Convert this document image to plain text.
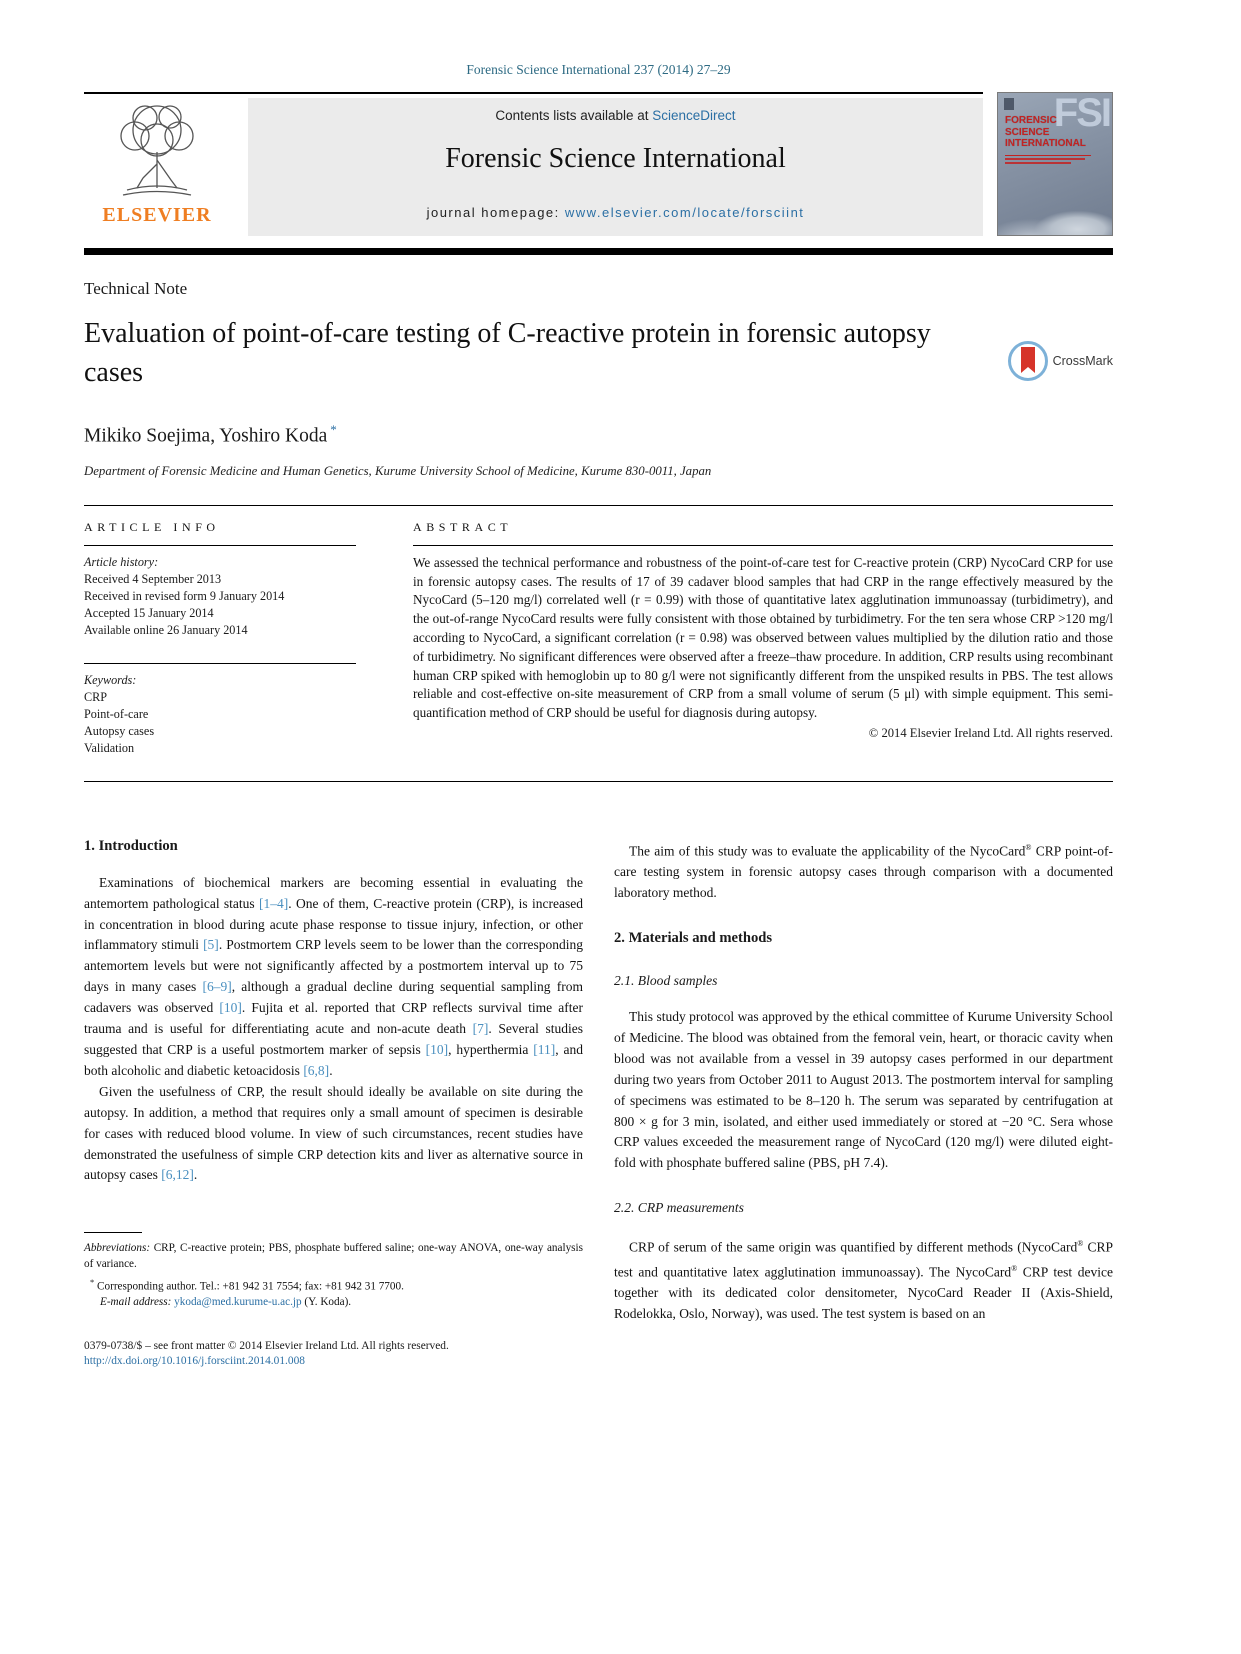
Forensic Science International 237 (2014) 27–29
ELSEVIER
Contents lists available at ScienceDirect
Forensic Science International
journal homepage: www.elsevier.com/locate/forsciint
FSI
FORENSIC
SCIENCE
INTERNATIONAL
Technical Note
Evaluation of point-of-care testing of C-reactive protein in forensic autopsy cases	CrossMark
Mikiko Soejima, Yoshiro Koda *
Department of Forensic Medicine and Human Genetics, Kurume University School of Medicine, Kurume 830-0011, Japan
ARTICLE INFO
Article history:
Received 4 September 2013
Received in revised form 9 January 2014
Accepted 15 January 2014
Available online 26 January 2014
Keywords:
CRP
Point-of-care
Autopsy cases
Validation
ABSTRACT
We assessed the technical performance and robustness of the point-of-care test for C-reactive protein (CRP) NycoCard CRP for use in forensic autopsy cases. The results of 17 of 39 cadaver blood samples that had CRP in the range effectively measured by the NycoCard (5–120 mg/l) correlated well (r = 0.99) with those of quantitative latex agglutination immunoassay (turbidimetry), and the out-of-range NycoCard results were fully consistent with those obtained by turbidimetry. For the ten sera whose CRP >120 mg/l according to NycoCard, a significant correlation (r = 0.98) was observed between values multiplied by the dilution ratio and those of turbidimetry. No significant differences were observed after a freeze–thaw procedure. In addition, CRP results using recombinant human CRP spiked with hemoglobin up to 80 g/l were not significantly different from the unspiked results in PBS. The test allows reliable and cost-effective on-site measurement of CRP from a small volume of serum (5 μl) with simple equipment. This semi-quantification method of CRP should be useful for diagnosis during autopsy.
© 2014 Elsevier Ireland Ltd. All rights reserved.
1. Introduction

Examinations of biochemical markers are becoming essential in evaluating the antemortem pathological status [1–4]. One of them, C-reactive protein (CRP), is increased in concentration in blood during acute phase response to tissue injury, infection, or other inflammatory stimuli [5]. Postmortem CRP levels seem to be lower than the corresponding antemortem levels but were not significantly affected by a postmortem interval up to 75 days in many cases [6–9], although a gradual decline during sequential sampling from cadavers was observed [10]. Fujita et al. reported that CRP reflects survival time after trauma and is useful for differentiating acute and non-acute death [7]. Several studies suggested that CRP is a useful postmortem marker of sepsis [10], hyperthermia [11], and both alcoholic and diabetic ketoacidosis [6,8].

Given the usefulness of CRP, the result should ideally be available on site during the autopsy. In addition, a method that requires only a small amount of specimen is desirable for cases with reduced blood volume. In view of such circumstances, recent studies have demonstrated the usefulness of simple CRP detection kits and liver as alternative source in autopsy cases [6,12].

Abbreviations: CRP, C-reactive protein; PBS, phosphate buffered saline; one-way ANOVA, one-way analysis of variance.
* Corresponding author. Tel.: +81 942 31 7554; fax: +81 942 31 7700.
E-mail address: ykoda@med.kurume-u.ac.jp (Y. Koda).
0379-0738/$ – see front matter © 2014 Elsevier Ireland Ltd. All rights reserved.
http://dx.doi.org/10.1016/j.forsciint.2014.01.008

The aim of this study was to evaluate the applicability of the NycoCard® CRP point-of-care testing system in forensic autopsy cases through comparison with a documented laboratory method.

2. Materials and methods
2.1. Blood samples

This study protocol was approved by the ethical committee of Kurume University School of Medicine. The blood was obtained from the femoral vein, heart, or thoracic cavity when blood was not available from a vessel in 39 autopsy cases performed in our department during two years from October 2011 to August 2013. The postmortem interval for sampling of specimens was estimated to be 8–120 h. The serum was separated by centrifugation at 800 × g for 3 min, isolated, and either used immediately or stored at −20 °C. Sera whose CRP values exceeded the measurement range of NycoCard (120 mg/l) were diluted eight-fold with phosphate buffered saline (PBS, pH 7.4).

2.2. CRP measurements

CRP of serum of the same origin was quantified by different methods (NycoCard® CRP test and quantitative latex agglutination immunoassay). The NycoCard® CRP test device together with its dedicated color densitometer, NycoCard Reader II (Axis-Shield, Rodelokka, Oslo, Norway), was used. The test system is based on an
